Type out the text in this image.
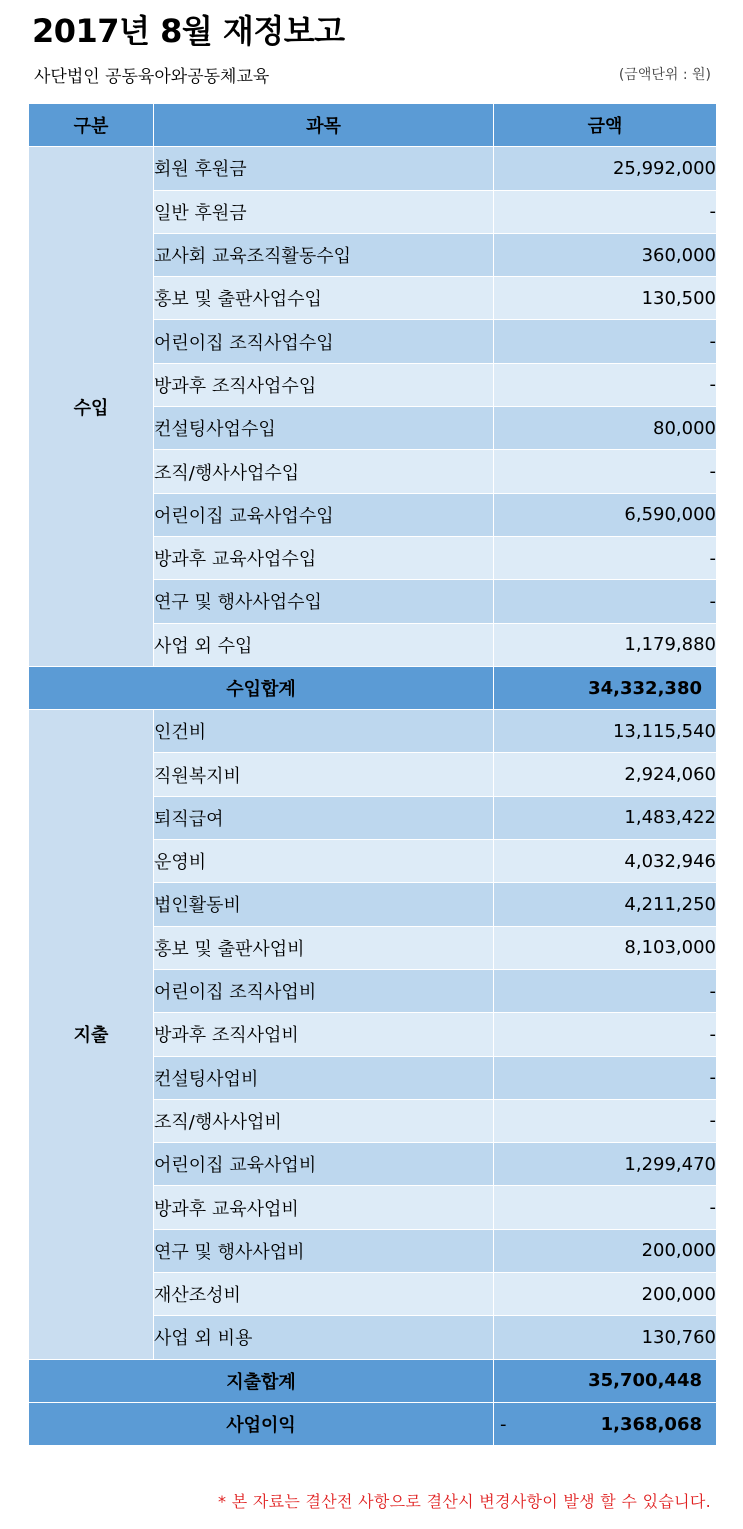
2017년 8월 재정보고
사단법인 공동육아와공동체교육	(금액단위 : 원)
구분	과목	금액
수입	회원 후원금	25,992,000
	일반 후원금	-
	교사회 교육조직활동수입	360,000
	홍보 및 출판사업수입	130,500
	어린이집 조직사업수입	-
	방과후 조직사업수입	-
	컨설팅사업수입	80,000
	조직/행사사업수입	-
	어린이집 교육사업수입	6,590,000
	방과후 교육사업수입	-
	연구 및 행사사업수입	-
	사업 외 수입	1,179,880
수입합계		34,332,380
지출	인건비	13,115,540
	직원복지비	2,924,060
	퇴직급여	1,483,422
	운영비	4,032,946
	법인활동비	4,211,250
	홍보 및 출판사업비	8,103,000
	어린이집 조직사업비	-
	방과후 조직사업비	-
	컨설팅사업비	-
	조직/행사사업비	-
	어린이집 교육사업비	1,299,470
	방과후 교육사업비	-
	연구 및 행사사업비	200,000
	재산조성비	200,000
	사업 외 비용	130,760
지출합계		35,700,448
사업이익		- 1,368,068
* 본 자료는 결산전 사항으로 결산시 변경사항이 발생 할 수 있습니다.
